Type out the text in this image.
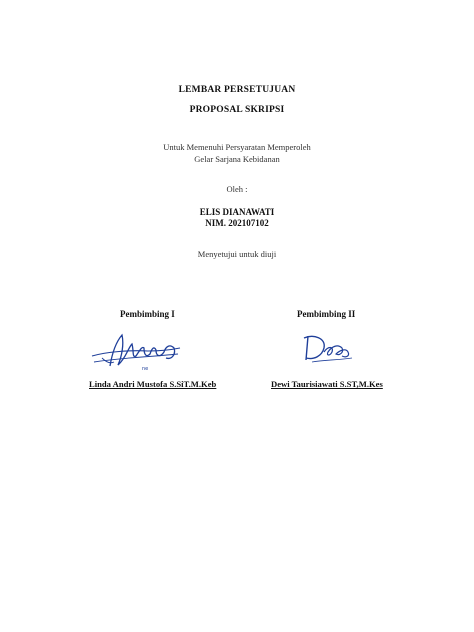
LEMBAR PERSETUJUAN
PROPOSAL SKRIPSI
Untuk Memenuhi Persyaratan Memperoleh
Gelar Sarjana Kebidanan
Oleh :
ELIS DIANAWATI
NIM. 202107102
Menyetujui untuk diuji
Pembimbing I	Pembimbing II
ne
Linda Andri Mustofa S.SiT.M.Keb	Dewi Taurisiawati S.ST,M.Kes
